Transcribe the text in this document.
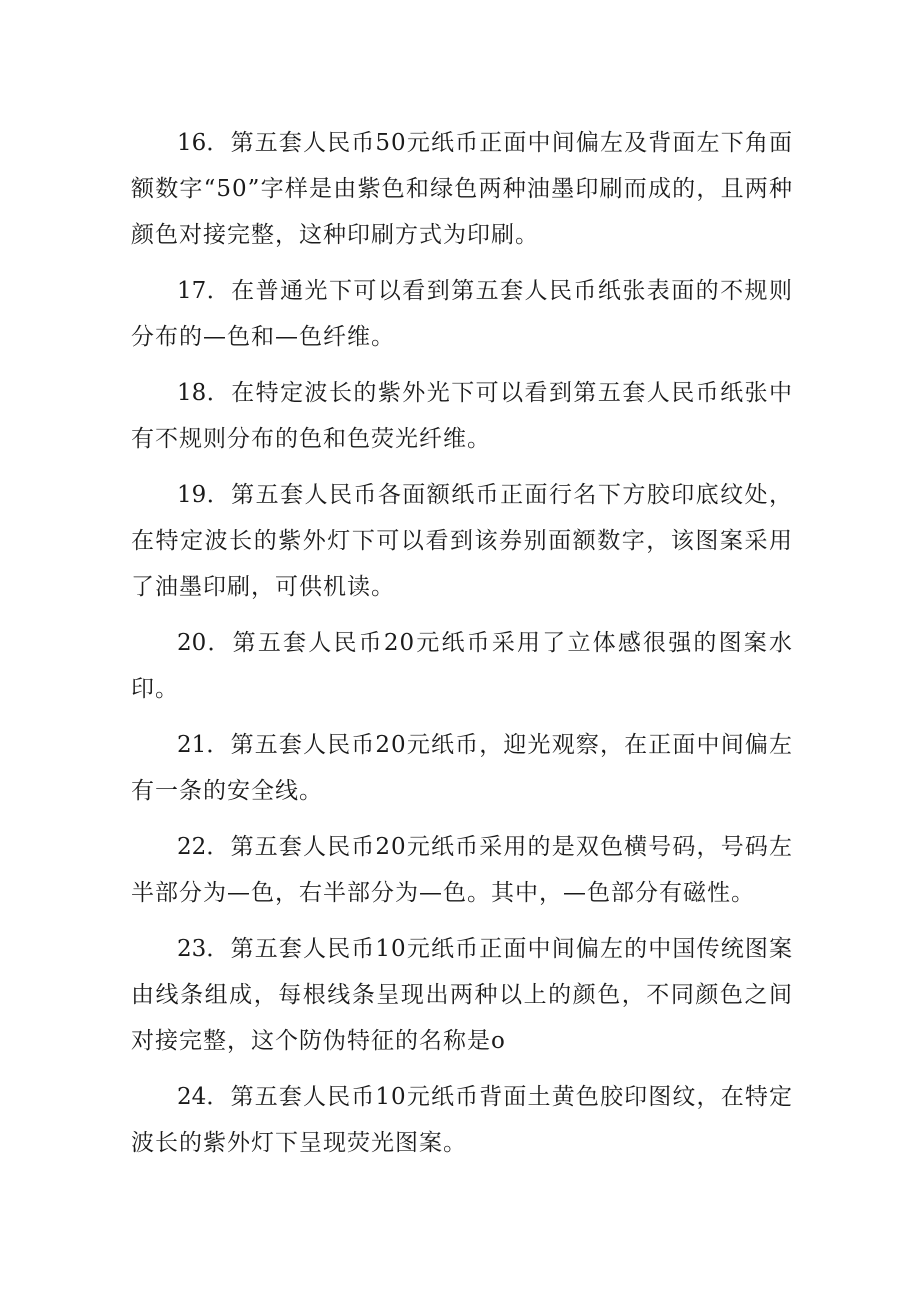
16．第五套人民币50元纸币正面中间偏左及背面左下角面额数字“50”字样是由紫色和绿色两种油墨印刷而成的，且两种颜色对接完整，这种印刷方式为印刷。

17．在普通光下可以看到第五套人民币纸张表面的不规则分布的—色和—色纤维。

18．在特定波长的紫外光下可以看到第五套人民币纸张中有不规则分布的色和色荧光纤维。

19．第五套人民币各面额纸币正面行名下方胶印底纹处，在特定波长的紫外灯下可以看到该券别面额数字，该图案采用了油墨印刷，可供机读。

20．第五套人民币20元纸币采用了立体感很强的图案水印。

21．第五套人民币20元纸币，迎光观察，在正面中间偏左有一条的安全线。

22．第五套人民币20元纸币采用的是双色横号码，号码左半部分为—色，右半部分为—色。其中，—色部分有磁性。

23．第五套人民币10元纸币正面中间偏左的中国传统图案由线条组成，每根线条呈现出两种以上的颜色，不同颜色之间对接完整，这个防伪特征的名称是o

24．第五套人民币10元纸币背面土黄色胶印图纹，在特定波长的紫外灯下呈现荧光图案。
